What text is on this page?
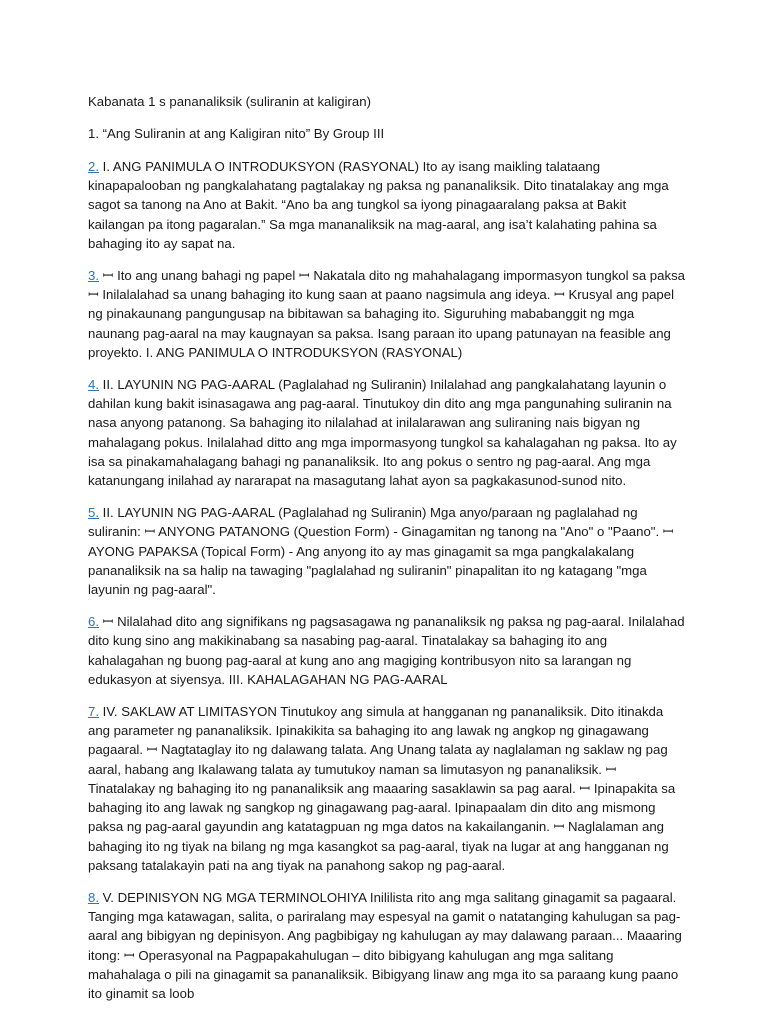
Kabanata 1 s pananaliksik (suliranin at kaligiran)

1. “Ang Suliranin at ang Kaligiran nito” By Group III

2. I. ANG PANIMULA O INTRODUKSYON (RASYONAL) Ito ay isang maikling talataang kinapapalooban ng pangkalahatang pagtalakay ng paksa ng pananaliksik. Dito tinatalakay ang mga sagot sa tanong na Ano at Bakit. “Ano ba ang tungkol sa iyong pinagaaralang paksa at Bakit kailangan pa itong pagaralan.” Sa mga mananaliksik na mag-aaral, ang isa’t kalahating pahina sa bahaging ito ay sapat na.

3. ꟷ Ito ang unang bahagi ng papel ꟷ Nakatala dito ng mahahalagang impormasyon tungkol sa paksa ꟷ Inilalalahad sa unang bahaging ito kung saan at paano nagsimula ang ideya. ꟷ Krusyal ang papel ng pinakaunang pangungusap na bibitawan sa bahaging ito. Siguruhing mababanggit ng mga naunang pag-aaral na may kaugnayan sa paksa. Isang paraan ito upang patunayan na feasible ang proyekto. I. ANG PANIMULA O INTRODUKSYON (RASYONAL)

4. II. LAYUNIN NG PAG-AARAL (Paglalahad ng Suliranin) Inilalahad ang pangkalahatang layunin o dahilan kung bakit isinasagawa ang pag-aaral. Tinutukoy din dito ang mga pangunahing suliranin na nasa anyong patanong. Sa bahaging ito nilalahad at inilalarawan ang suliraning nais bigyan ng mahalagang pokus. Inilalahad ditto ang mga impormasyong tungkol sa kahalagahan ng paksa. Ito ay isa sa pinakamahalagang bahagi ng pananaliksik. Ito ang pokus o sentro ng pag-aaral. Ang mga katanungang inilahad ay nararapat na masagutang lahat ayon sa pagkakasunod-sunod nito.

5. II. LAYUNIN NG PAG-AARAL (Paglalahad ng Suliranin) Mga anyo/paraan ng paglalahad ng suliranin: ꟷ ANYONG PATANONG (Question Form) - Ginagamitan ng tanong na "Ano" o "Paano". ꟷ AYONG PAPAKSA (Topical Form) - Ang anyong ito ay mas ginagamit sa mga pangkalakalang pananaliksik na sa halip na tawaging "paglalahad ng suliranin" pinapalitan ito ng katagang "mga layunin ng pag-aaral".

6. ꟷ Nilalahad dito ang signifikans ng pagsasagawa ng pananaliksik ng paksa ng pag-aaral. Inilalahad dito kung sino ang makikinabang sa nasabing pag-aaral. Tinatalakay sa bahaging ito ang kahalagahan ng buong pag-aaral at kung ano ang magiging kontribusyon nito sa larangan ng edukasyon at siyensya. III. KAHALAGAHAN NG PAG-AARAL

7. IV. SAKLAW AT LIMITASYON Tinutukoy ang simula at hangganan ng pananaliksik. Dito itinakda ang parameter ng pananaliksik. Ipinakikita sa bahaging ito ang lawak ng angkop ng ginagawang pagaaral. ꟷ Nagtataglay ito ng dalawang talata. Ang Unang talata ay naglalaman ng saklaw ng pag aaral, habang ang Ikalawang talata ay tumutukoy naman sa limutasyon ng pananaliksik. ꟷ Tinatalakay ng bahaging ito ng pananaliksik ang maaaring sasaklawin sa pag aaral. ꟷ Ipinapakita sa bahaging ito ang lawak ng sangkop ng ginagawang pag-aaral. Ipinapaalam din dito ang mismong paksa ng pag-aaral gayundin ang katatagpuan ng mga datos na kakailanganin. ꟷ Naglalaman ang bahaging ito ng tiyak na bilang ng mga kasangkot sa pag-aaral, tiyak na lugar at ang hangganan ng paksang tatalakayin pati na ang tiyak na panahong sakop ng pag-aaral.

8. V. DEPINISYON NG MGA TERMINOLOHIYA Inililista rito ang mga salitang ginagamit sa pagaaral. Tanging mga katawagan, salita, o pariralang may espesyal na gamit o natatanging kahulugan sa pag-aaral ang bibigyan ng depinisyon. Ang pagbibigay ng kahulugan ay may dalawang paraan... Maaaring itong: ꟷ Operasyonal na Pagpapakahulugan – dito bibigyang kahulugan ang mga salitang mahahalaga o pili na ginagamit sa pananaliksik. Bibigyang linaw ang mga ito sa paraang kung paano ito ginamit sa loob
